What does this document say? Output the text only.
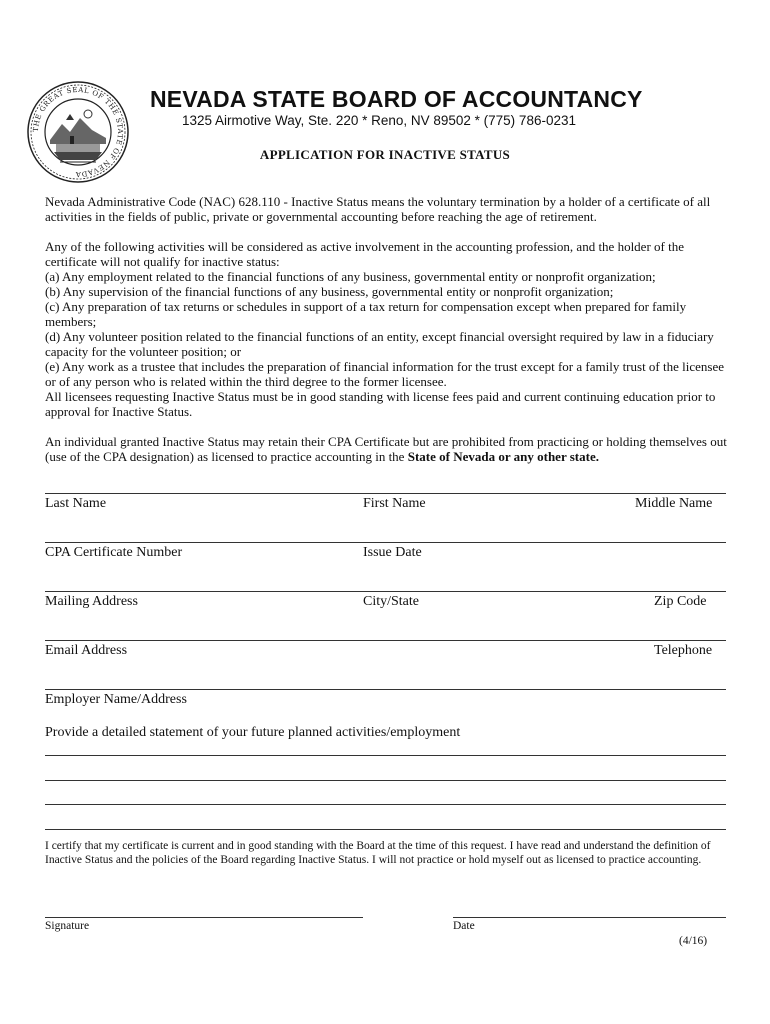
THE GREAT SEAL OF THE STATE OF NEVADA
NEVADA STATE BOARD OF ACCOUNTANCY
1325 Airmotive Way, Ste. 220 * Reno, NV 89502 * (775) 786-0231
APPLICATION FOR INACTIVE STATUS

Nevada Administrative Code (NAC) 628.110 - Inactive Status means the voluntary termination by a holder of a certificate of all activities in the fields of public, private or governmental accounting before reaching the age of retirement.

Any of the following activities will be considered as active involvement in the accounting profession, and the holder of the certificate will not qualify for inactive status:

(a) Any employment related to the financial functions of any business, governmental entity or nonprofit organization;

(b) Any supervision of the financial functions of any business, governmental entity or nonprofit organization;

(c) Any preparation of tax returns or schedules in support of a tax return for compensation except when prepared for family members;

(d) Any volunteer position related to the financial functions of an entity, except financial oversight required by law in a fiduciary capacity for the volunteer position; or

(e) Any work as a trustee that includes the preparation of financial information for the trust except for a family trust of the licensee or of any person who is related within the third degree to the former licensee.

All licensees requesting Inactive Status must be in good standing with license fees paid and current continuing education prior to approval for Inactive Status.

An individual granted Inactive Status may retain their CPA Certificate but are prohibited from practicing or holding themselves out (use of the CPA designation) as licensed to practice accounting in the State of Nevada or any other state.

Last Name	First Name	Middle Name
CPA Certificate Number	Issue Date
Mailing Address	City/State	Zip Code
Email Address	Telephone
Employer Name/Address
Provide a detailed statement of your future planned activities/employment
I certify that my certificate is current and in good standing with the Board at the time of this request. I have read and understand the definition of Inactive Status and the policies of the Board regarding Inactive Status. I will not practice or hold myself out as licensed to practice accounting.
Signature	Date
(4/16)
